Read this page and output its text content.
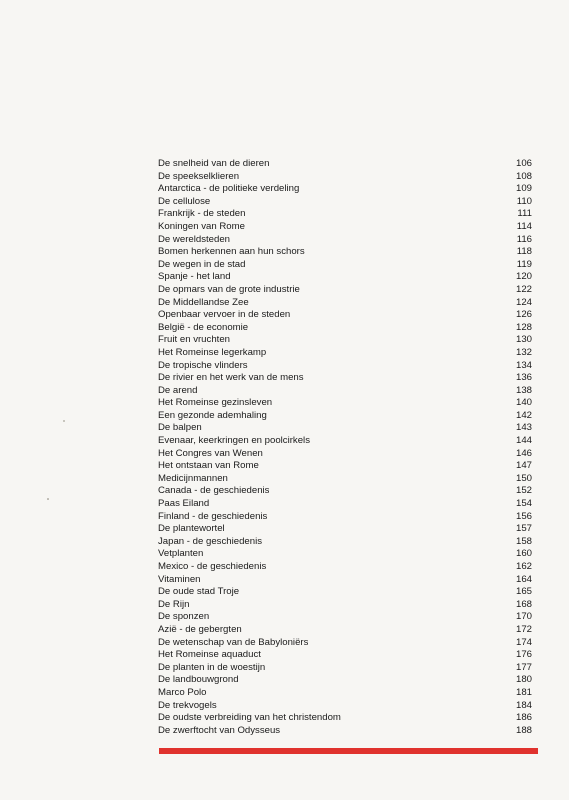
De snelheid van de dieren	106
De speekselklieren	108
Antarctica - de politieke verdeling	109
De cellulose	110
Frankrijk - de steden	111
Koningen van Rome	114
De wereldsteden	116
Bomen herkennen aan hun schors	118
De wegen in de stad	119
Spanje - het land	120
De opmars van de grote industrie	122
De Middellandse Zee	124
Openbaar vervoer in de steden	126
België - de economie	128
Fruit en vruchten	130
Het Romeinse legerkamp	132
De tropische vlinders	134
De rivier en het werk van de mens	136
De arend	138
Het Romeinse gezinsleven	140
Een gezonde ademhaling	142
De balpen	143
Evenaar, keerkringen en poolcirkels	144
Het Congres van Wenen	146
Het ontstaan van Rome	147
Medicijnmannen	150
Canada - de geschiedenis	152
Paas Eiland	154
Finland - de geschiedenis	156
De plantewortel	157
Japan - de geschiedenis	158
Vetplanten	160
Mexico - de geschiedenis	162
Vitaminen	164
De oude stad Troje	165
De Rijn	168
De sponzen	170
Azië - de gebergten	172
De wetenschap van de Babyloniërs	174
Het Romeinse aquaduct	176
De planten in de woestijn	177
De landbouwgrond	180
Marco Polo	181
De trekvogels	184
De oudste verbreiding van het christendom	186
De zwerftocht van Odysseus	188
